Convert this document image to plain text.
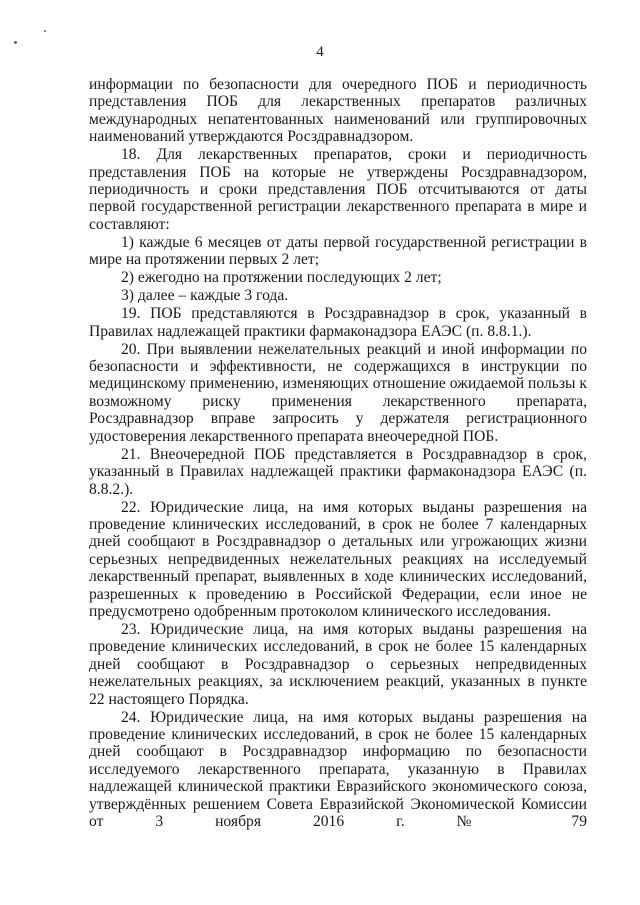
4

информации по безопасности для очередного ПОБ и периодичность представления ПОБ для лекарственных препаратов различных международных непатентованных наименований или группировочных наименований утверждаются Росздравнадзором.

18. Для лекарственных препаратов, сроки и периодичность представления ПОБ на которые не утверждены Росздравнадзором, периодичность и сроки представления ПОБ отсчитываются от даты первой государственной регистрации лекарственного препарата в мире и составляют:

1) каждые 6 месяцев от даты первой государственной регистрации в мире на протяжении первых 2 лет;

2) ежегодно на протяжении последующих 2 лет;

3) далее – каждые 3 года.

19. ПОБ представляются в Росздравнадзор в срок, указанный в Правилах надлежащей практики фармаконадзора ЕАЭС (п. 8.8.1.).

20. При выявлении нежелательных реакций и иной информации по безопасности и эффективности, не содержащихся в инструкции по медицинскому применению, изменяющих отношение ожидаемой пользы к возможному риску применения лекарственного препарата, Росздравнадзор вправе запросить у держателя регистрационного удостоверения лекарственного препарата внеочередной ПОБ.

21. Внеочередной ПОБ представляется в Росздравнадзор в срок, указанный в Правилах надлежащей практики фармаконадзора ЕАЭС (п. 8.8.2.).

22. Юридические лица, на имя которых выданы разрешения на проведение клинических исследований, в срок не более 7 календарных дней сообщают в Росздравнадзор о детальных или угрожающих жизни серьезных непредвиденных нежелательных реакциях на исследуемый лекарственный препарат, выявленных в ходе клинических исследований, разрешенных к проведению в Российской Федерации, если иное не предусмотрено одобренным протоколом клинического исследования.

23. Юридические лица, на имя которых выданы разрешения на проведение клинических исследований, в срок не более 15 календарных дней сообщают в Росздравнадзор о серьезных непредвиденных нежелательных реакциях, за исключением реакций, указанных в пункте 22 настоящего Порядка.

24. Юридические лица, на имя которых выданы разрешения на проведение клинических исследований, в срок не более 15 календарных дней сообщают в Росздравнадзор информацию по безопасности исследуемого лекарственного препарата, указанную в Правилах надлежащей клинической практики Евразийского экономического союза, утверждённых решением Совета Евразийской Экономической Комиссии от 3 ноября 2016 г. № 79
